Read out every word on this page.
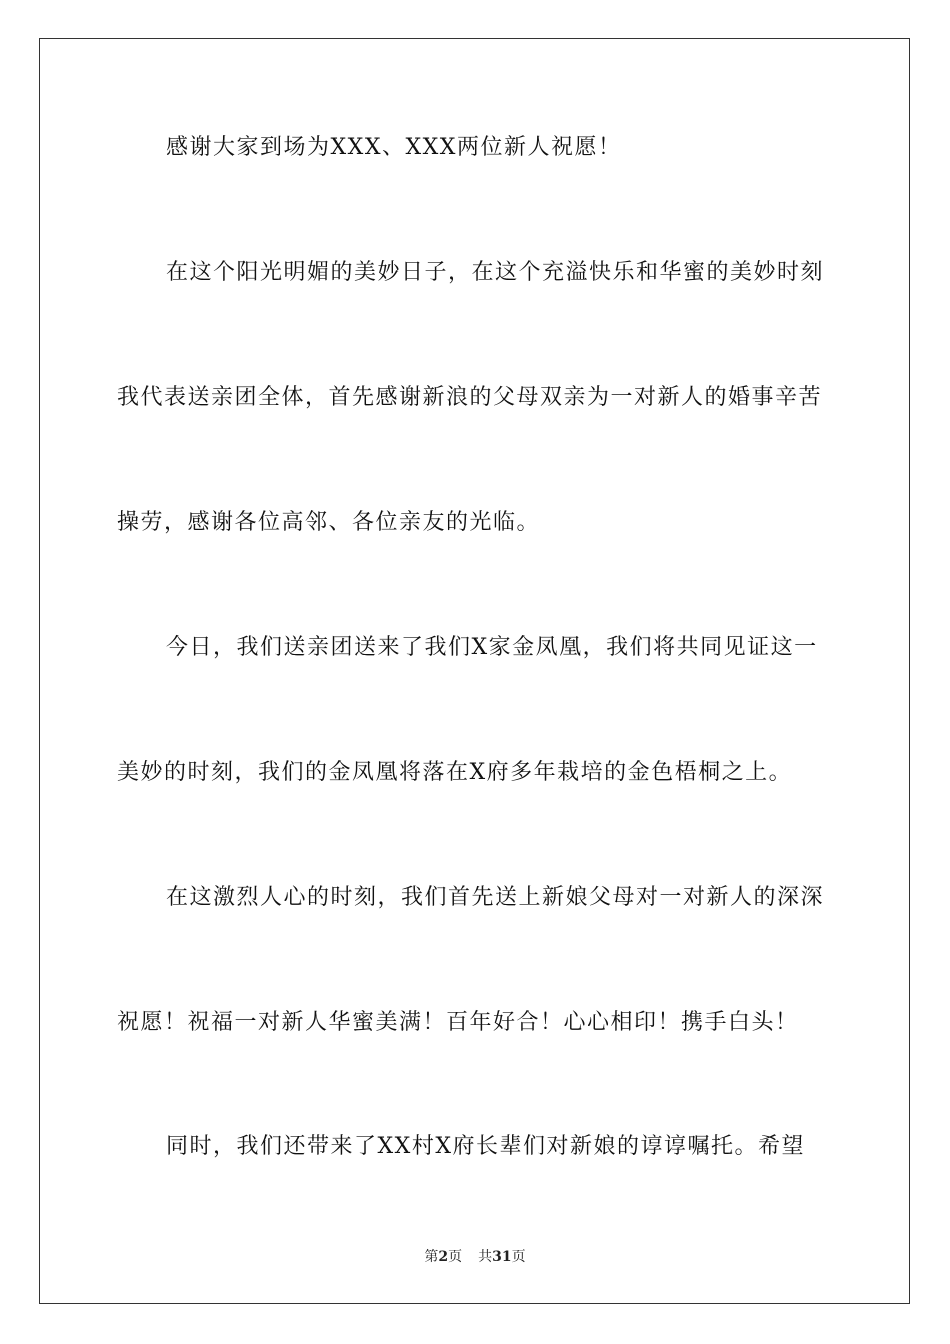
感谢大家到场为XXX、XXX两位新人祝愿！
在这个阳光明媚的美妙日子，在这个充溢快乐和华蜜的美妙时刻
我代表送亲团全体，首先感谢新浪的父母双亲为一对新人的婚事辛苦
操劳，感谢各位高邻、各位亲友的光临。
今日，我们送亲团送来了我们X家金凤凰，我们将共同见证这一
美妙的时刻，我们的金凤凰将落在X府多年栽培的金色梧桐之上。
在这激烈人心的时刻，我们首先送上新娘父母对一对新人的深深
祝愿！祝福一对新人华蜜美满！百年好合！心心相印！携手白头！
同时，我们还带来了XX村X府长辈们对新娘的谆谆嘱托。希望
第2页 共31页
